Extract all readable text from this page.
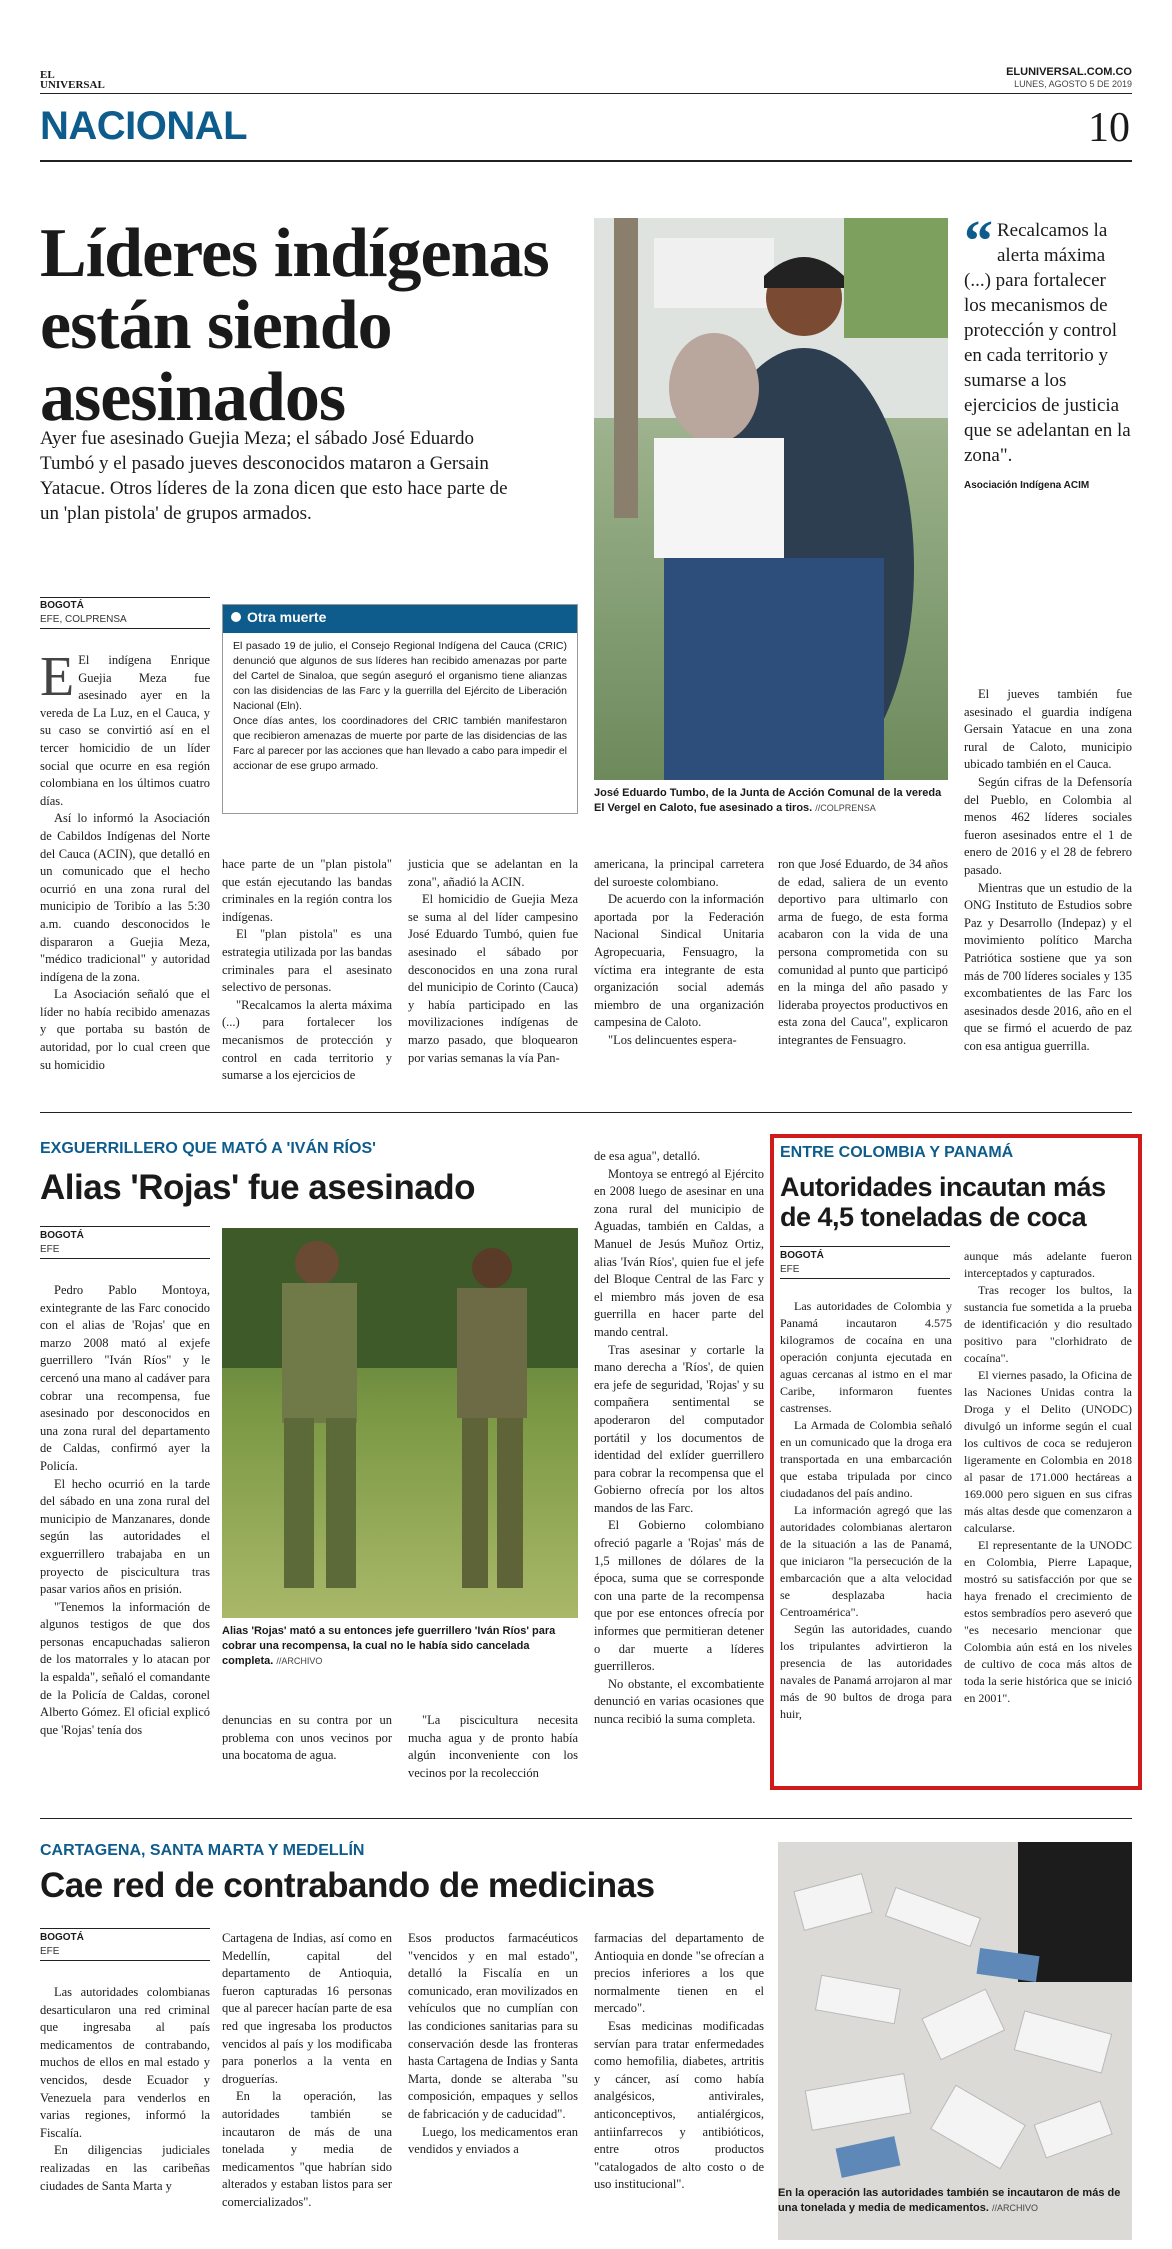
EL UNIVERSAL
ELUNIVERSAL.COM.CO
LUNES, AGOSTO 5 DE 2019
NACIONAL	10
Líderes indígenas están siendo asesinados
Ayer fue asesinado Guejia Meza; el sábado José Eduardo Tumbó y el pasado jueves desconocidos mataron a Gersain Yatacue. Otros líderes de la zona dicen que esto hace parte de un 'plan pistola' de grupos armados.
BOGOTÁ
EFE, COLPRENSA

E El indígena Enrique Guejia Meza fue asesinado ayer en la vereda de La Luz, en el Cauca, y su caso se convirtió así en el tercer homicidio de un líder social que ocurre en esa región colombiana en los últimos cuatro días.

Así lo informó la Asociación de Cabildos Indígenas del Norte del Cauca (ACIN), que detalló en un comunicado que el hecho ocurrió en una zona rural del municipio de Toribío a las 5:30 a.m. cuando desconocidos le dispararon a Guejia Meza, "médico tradicional" y autoridad indígena de la zona.

La Asociación señaló que el líder no había recibido amenazas y que portaba su bastón de autoridad, por lo cual creen que su homicidio

Otra muerte

El pasado 19 de julio, el Consejo Regional Indígena del Cauca (CRIC) denunció que algunos de sus líderes han recibido amenazas por parte del Cartel de Sinaloa, que según aseguró el organismo tiene alianzas con las disidencias de las Farc y la guerrilla del Ejército de Liberación Nacional (Eln).

Once días antes, los coordinadores del CRIC también manifestaron que recibieron amenazas de muerte por parte de las disidencias de las Farc al parecer por las acciones que han llevado a cabo para impedir el accionar de ese grupo armado.

hace parte de un "plan pistola" que están ejecutando las bandas criminales en la región contra los indígenas.

El "plan pistola" es una estrategia utilizada por las bandas criminales para el asesinato selectivo de personas.

"Recalcamos la alerta máxima (...) para fortalecer los mecanismos de protección y control en cada territorio y sumarse a los ejercicios de

justicia que se adelantan en la zona", añadió la ACIN.

El homicidio de Guejia Meza se suma al del líder campesino José Eduardo Tumbó, quien fue asesinado el sábado por desconocidos en una zona rural del municipio de Corinto (Cauca) y había participado en las movilizaciones indígenas de marzo pasado, que bloquearon por varias semanas la vía Pan-

americana, la principal carretera del suroeste colombiano.

De acuerdo con la información aportada por la Federación Nacional Sindical Unitaria Agropecuaria, Fensuagro, la víctima era integrante de esta organización social además miembro de una organización campesina de Caloto.

"Los delincuentes espera-

ron que José Eduardo, de 34 años de edad, saliera de un evento deportivo para ultimarlo con arma de fuego, de esta forma acabaron con la vida de una persona comprometida con su comunidad al punto que participó en la minga del año pasado y lideraba proyectos productivos en esta zona del Cauca", explicaron integrantes de Fensuagro.

José Eduardo Tumbo, de la Junta de Acción Comunal de la vereda El Vergel en Caloto, fue asesinado a tiros. //COLPRENSA
“ Recalcamos la alerta máxima (...) para fortalecer los mecanismos de protección y control en cada territorio y sumarse a los ejercicios de justicia que se adelantan en la zona".
Asociación Indígena ACIM

El jueves también fue asesinado el guardia indígena Gersain Yatacue en una zona rural de Caloto, municipio ubicado también en el Cauca.

Según cifras de la Defensoría del Pueblo, en Colombia al menos 462 líderes sociales fueron asesinados entre el 1 de enero de 2016 y el 28 de febrero pasado.

Mientras que un estudio de la ONG Instituto de Estudios sobre Paz y Desarrollo (Indepaz) y el movimiento político Marcha Patriótica sostiene que ya son más de 700 líderes sociales y 135 excombatientes de las Farc los asesinados desde 2016, año en el que se firmó el acuerdo de paz con esa antigua guerrilla.

EXGUERRILLERO QUE MATÓ A 'IVÁN RÍOS'
Alias 'Rojas' fue asesinado
BOGOTÁ
EFE

Pedro Pablo Montoya, exintegrante de las Farc conocido con el alias de 'Rojas' que en marzo 2008 mató al exjefe guerrillero "Iván Ríos" y le cercenó una mano al cadáver para cobrar una recompensa, fue asesinado por desconocidos en una zona rural del departamento de Caldas, confirmó ayer la Policía.

El hecho ocurrió en la tarde del sábado en una zona rural del municipio de Manzanares, donde según las autoridades el exguerrillero trabajaba en un proyecto de piscicultura tras pasar varios años en prisión.

"Tenemos la información de algunos testigos de que dos personas encapuchadas salieron de los matorrales y lo atacan por la espalda", señaló el comandante de la Policía de Caldas, coronel Alberto Gómez. El oficial explicó que 'Rojas' tenía dos

Alias 'Rojas' mató a su entonces jefe guerrillero 'Iván Ríos' para cobrar una recompensa, la cual no le había sido cancelada completa. //ARCHIVO

denuncias en su contra por un problema con unos vecinos por una bocatoma de agua.

"La piscicultura necesita mucha agua y de pronto había algún inconveniente con los vecinos por la recolección

de esa agua", detalló.

Montoya se entregó al Ejército en 2008 luego de asesinar en una zona rural del municipio de Aguadas, también en Caldas, a Manuel de Jesús Muñoz Ortiz, alias 'Iván Ríos', quien fue el jefe del Bloque Central de las Farc y el miembro más joven de esa guerrilla en hacer parte del mando central.

Tras asesinar y cortarle la mano derecha a 'Ríos', de quien era jefe de seguridad, 'Rojas' y su compañera sentimental se apoderaron del computador portátil y los documentos de identidad del exlíder guerrillero para cobrar la recompensa que el Gobierno ofrecía por los altos mandos de las Farc.

El Gobierno colombiano ofreció pagarle a 'Rojas' más de 1,5 millones de dólares de la época, suma que se corresponde con una parte de la recompensa que por ese entonces ofrecía por informes que permitieran detener o dar muerte a líderes guerrilleros.

No obstante, el excombatiente denunció en varias ocasiones que nunca recibió la suma completa.

ENTRE COLOMBIA Y PANAMÁ
Autoridades incautan más de 4,5 toneladas de coca
BOGOTÁ
EFE

Las autoridades de Colombia y Panamá incautaron 4.575 kilogramos de cocaína en una operación conjunta ejecutada en aguas cercanas al istmo en el mar Caribe, informaron fuentes castrenses.

La Armada de Colombia señaló en un comunicado que la droga era transportada en una embarcación que estaba tripulada por cinco ciudadanos del país andino.

La información agregó que las autoridades colombianas alertaron de la situación a las de Panamá, que iniciaron "la persecución de la embarcación que a alta velocidad se desplazaba hacia Centroamérica".

Según las autoridades, cuando los tripulantes advirtieron la presencia de las autoridades navales de Panamá arrojaron al mar más de 90 bultos de droga para huir,

aunque más adelante fueron interceptados y capturados.

Tras recoger los bultos, la sustancia fue sometida a la prueba de identificación y dio resultado positivo para "clorhidrato de cocaína".

El viernes pasado, la Oficina de las Naciones Unidas contra la Droga y el Delito (UNODC) divulgó un informe según el cual los cultivos de coca se redujeron ligeramente en Colombia en 2018 al pasar de 171.000 hectáreas a 169.000 pero siguen en sus cifras más altas desde que comenzaron a calcularse.

El representante de la UNODC en Colombia, Pierre Lapaque, mostró su satisfacción por que se haya frenado el crecimiento de estos sembradíos pero aseveró que "es necesario mencionar que Colombia aún está en los niveles de cultivo de coca más altos de toda la serie histórica que se inició en 2001".

CARTAGENA, SANTA MARTA Y MEDELLÍN
Cae red de contrabando de medicinas
BOGOTÁ
EFE

Las autoridades colombianas desarticularon una red criminal que ingresaba al país medicamentos de contrabando, muchos de ellos en mal estado y vencidos, desde Ecuador y Venezuela para venderlos en varias regiones, informó la Fiscalía.

En diligencias judiciales realizadas en las caribeñas ciudades de Santa Marta y

Cartagena de Indias, así como en Medellín, capital del departamento de Antioquia, fueron capturadas 16 personas que al parecer hacían parte de esa red que ingresaba los productos vencidos al país y los modificaba para ponerlos a la venta en droguerías.

En la operación, las autoridades también se incautaron de más de una tonelada y media de medicamentos "que habrían sido alterados y estaban listos para ser comercializados".

Esos productos farmacéuticos "vencidos y en mal estado", detalló la Fiscalía en un comunicado, eran movilizados en vehículos que no cumplían con las condiciones sanitarias para su conservación desde las fronteras hasta Cartagena de Indias y Santa Marta, donde se alteraba "su composición, empaques y sellos de fabricación y de caducidad".

Luego, los medicamentos eran vendidos y enviados a

farmacias del departamento de Antioquia en donde "se ofrecían a precios inferiores a los que normalmente tienen en el mercado".

Esas medicinas modificadas servían para tratar enfermedades como hemofilia, diabetes, artritis y cáncer, así como había analgésicos, antivirales, anticonceptivos, antialérgicos, antiinfarrecos y antibióticos, entre otros productos "catalogados de alto costo o de uso institucional".

En la operación las autoridades también se incautaron de más de una tonelada y media de medicamentos. //ARCHIVO
